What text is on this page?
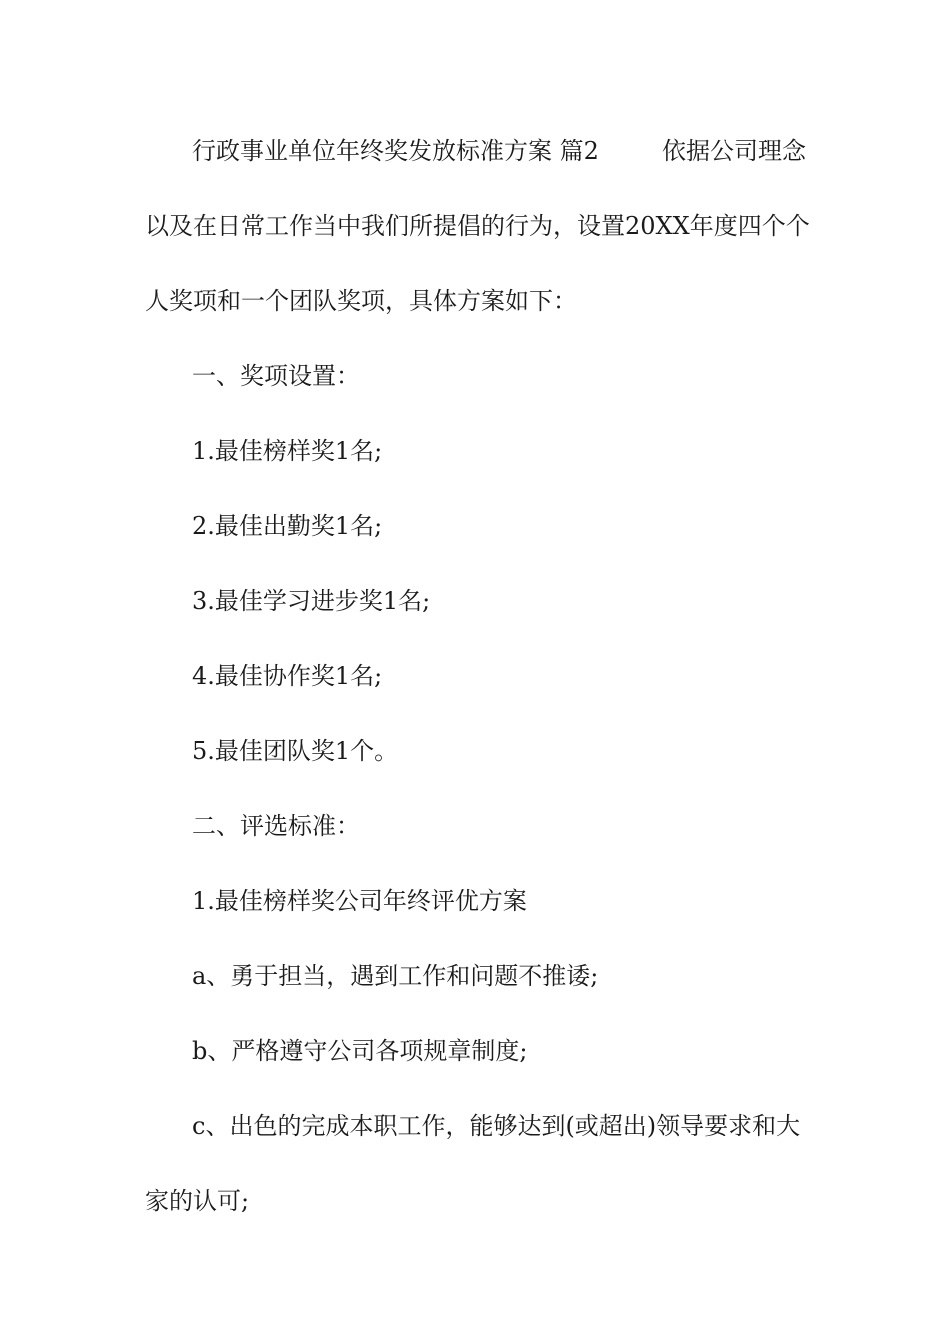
行政事业单位年终奖发放标准方案 篇2	依据公司理念
以及在日常工作当中我们所提倡的行为，设置20XX年度四个个
人奖项和一个团队奖项，具体方案如下：
一、奖项设置：
1.最佳榜样奖1名;
2.最佳出勤奖1名;
3.最佳学习进步奖1名;
4.最佳协作奖1名;
5.最佳团队奖1个。
二、评选标准：
1.最佳榜样奖公司年终评优方案
a、勇于担当，遇到工作和问题不推诿;
b、严格遵守公司各项规章制度;
c、出色的完成本职工作，能够达到(或超出)领导要求和大
家的认可;
